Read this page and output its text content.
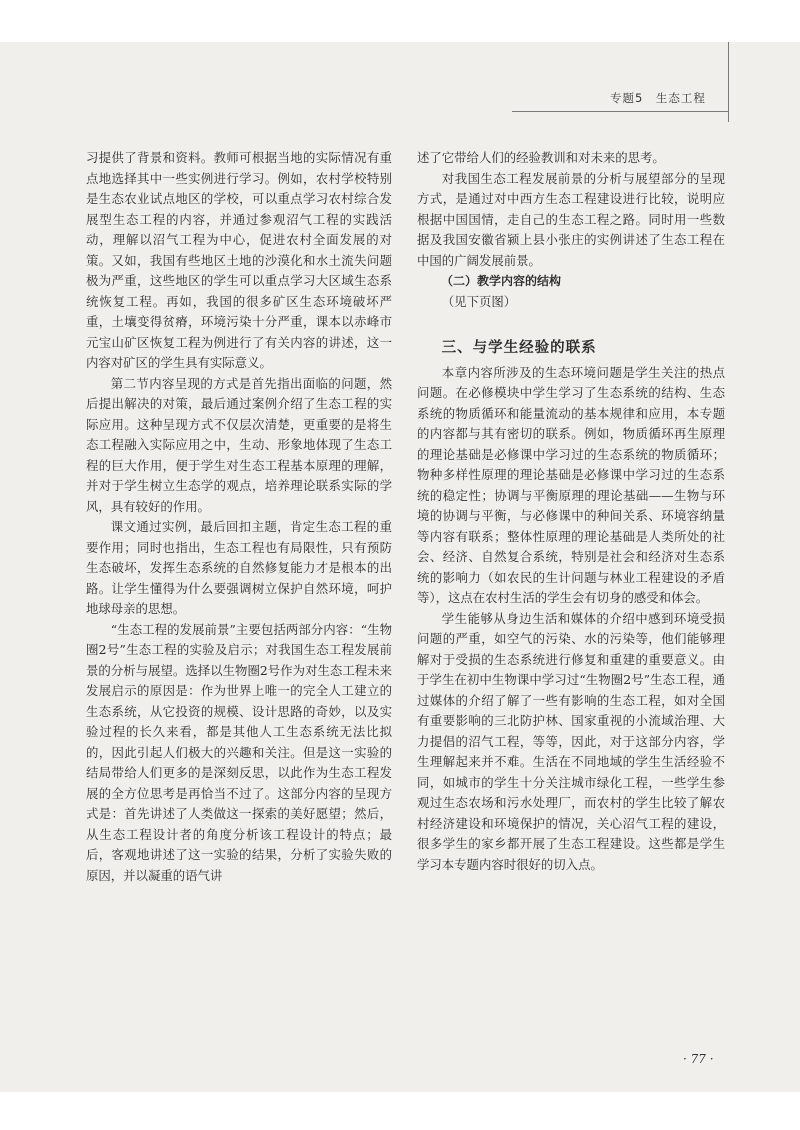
专题5　生态工程

习提供了背景和资料。教师可根据当地的实际情况有重点地选择其中一些实例进行学习。例如，农村学校特别是生态农业试点地区的学校，可以重点学习农村综合发展型生态工程的内容，并通过参观沼气工程的实践活动，理解以沼气工程为中心，促进农村全面发展的对策。又如，我国有些地区土地的沙漠化和水土流失问题极为严重，这些地区的学生可以重点学习大区域生态系统恢复工程。再如，我国的很多矿区生态环境破坏严重，土壤变得贫瘠，环境污染十分严重，课本以赤峰市元宝山矿区恢复工程为例进行了有关内容的讲述，这一内容对矿区的学生具有实际意义。

第二节内容呈现的方式是首先指出面临的问题，然后提出解决的对策，最后通过案例介绍了生态工程的实际应用。这种呈现方式不仅层次清楚，更重要的是将生态工程融入实际应用之中，生动、形象地体现了生态工程的巨大作用，便于学生对生态工程基本原理的理解，并对于学生树立生态学的观点，培养理论联系实际的学风，具有较好的作用。

课文通过实例，最后回扣主题，肯定生态工程的重要作用；同时也指出，生态工程也有局限性，只有预防生态破坏，发挥生态系统的自然修复能力才是根本的出路。让学生懂得为什么要强调树立保护自然环境，呵护地球母亲的思想。

“生态工程的发展前景”主要包括两部分内容：“生物圈2号”生态工程的实验及启示；对我国生态工程发展前景的分析与展望。选择以生物圈2号作为对生态工程未来发展启示的原因是：作为世界上唯一的完全人工建立的生态系统，从它投资的规模、设计思路的奇妙，以及实验过程的长久来看，都是其他人工生态系统无法比拟的，因此引起人们极大的兴趣和关注。但是这一实验的结局带给人们更多的是深刻反思，以此作为生态工程发展的全方位思考是再恰当不过了。这部分内容的呈现方式是：首先讲述了人类做这一探索的美好愿望；然后，从生态工程设计者的角度分析该工程设计的特点；最后，客观地讲述了这一实验的结果，分析了实验失败的原因，并以凝重的语气讲

述了它带给人们的经验教训和对未来的思考。

对我国生态工程发展前景的分析与展望部分的呈现方式，是通过对中西方生态工程建设进行比较，说明应根据中国国情，走自己的生态工程之路。同时用一些数据及我国安徽省颍上县小张庄的实例讲述了生态工程在中国的广阔发展前景。

（二）教学内容的结构

（见下页图）

三、与学生经验的联系

本章内容所涉及的生态环境问题是学生关注的热点问题。在必修模块中学生学习了生态系统的结构、生态系统的物质循环和能量流动的基本规律和应用，本专题的内容都与其有密切的联系。例如，物质循环再生原理的理论基础是必修课中学习过的生态系统的物质循环；物种多样性原理的理论基础是必修课中学习过的生态系统的稳定性；协调与平衡原理的理论基础——生物与环境的协调与平衡，与必修课中的种间关系、环境容纳量等内容有联系；整体性原理的理论基础是人类所处的社会、经济、自然复合系统，特别是社会和经济对生态系统的影响力（如农民的生计问题与林业工程建设的矛盾等），这点在农村生活的学生会有切身的感受和体会。

学生能够从身边生活和媒体的介绍中感到环境受损问题的严重，如空气的污染、水的污染等，他们能够理解对于受损的生态系统进行修复和重建的重要意义。由于学生在初中生物课中学习过“生物圈2号”生态工程，通过媒体的介绍了解了一些有影响的生态工程，如对全国有重要影响的三北防护林、国家重视的小流域治理、大力提倡的沼气工程，等等，因此，对于这部分内容，学生理解起来并不难。生活在不同地域的学生生活经验不同，如城市的学生十分关注城市绿化工程，一些学生参观过生态农场和污水处理厂，而农村的学生比较了解农村经济建设和环境保护的情况，关心沼气工程的建设，很多学生的家乡都开展了生态工程建设。这些都是学生学习本专题内容时很好的切入点。

· 77 ·
